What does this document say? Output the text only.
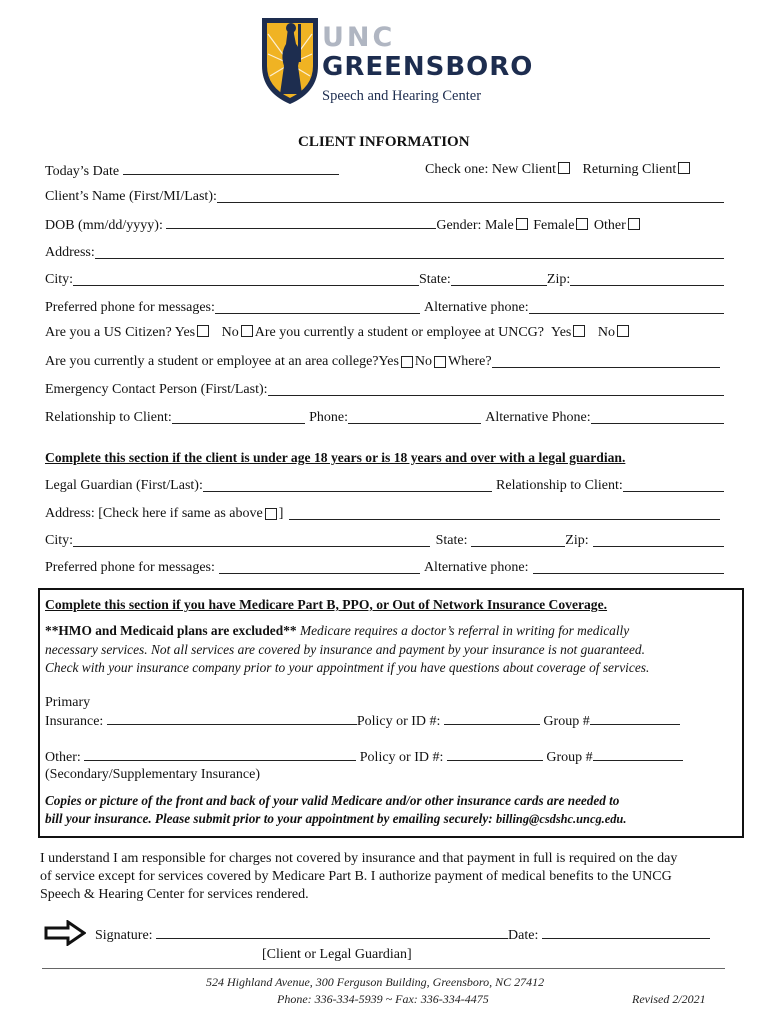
UNC
GREENSBORO
Speech and Hearing Center
CLIENT INFORMATION
Today’s Date	Check one: New Client Returning Client
Client’s Name (First/MI/Last):
DOB (mm/dd/yyyy):	Gender: Male Female Other
Address:
City:	State:	Zip:
Preferred phone for messages:	Alternative phone:
Are you a US Citizen? Yes No Are you currently a student or employee at UNCG? Yes No
Are you currently a student or employee at an area college? Yes No Where?
Emergency Contact Person (First/Last):
Relationship to Client:	Phone:	Alternative Phone:
Complete this section if the client is under age 18 years or is 18 years and over with a legal guardian.
Legal Guardian (First/Last):	Relationship to Client:
Address: [Check here if same as above ]
City:	State:	Zip:
Preferred phone for messages:	Alternative phone:
Complete this section if you have Medicare Part B, PPO, or Out of Network Insurance Coverage.
**HMO and Medicaid plans are excluded** Medicare requires a doctor’s referral in writing for medically
necessary services. Not all services are covered by insurance and payment by your insurance is not guaranteed.
Check with your insurance company prior to your appointment if you have questions about coverage of services.
Primary
Insurance:	Policy or ID #:	Group #
Other:	Policy or ID #:	Group #
(Secondary/Supplementary Insurance)
Copies or picture of the front and back of your valid Medicare and/or other insurance cards are needed to
bill your insurance. Please submit prior to your appointment by emailing securely: billing@csdshc.uncg.edu.
I understand I am responsible for charges not covered by insurance and that payment in full is required on the day
of service except for services covered by Medicare Part B. I authorize payment of medical benefits to the UNCG
Speech & Hearing Center for services rendered.
Signature:	Date:
[Client or Legal Guardian]
524 Highland Avenue, 300 Ferguson Building, Greensboro, NC 27412
Phone: 336-334-5939 ~ Fax: 336-334-4475	Revised 2/2021
